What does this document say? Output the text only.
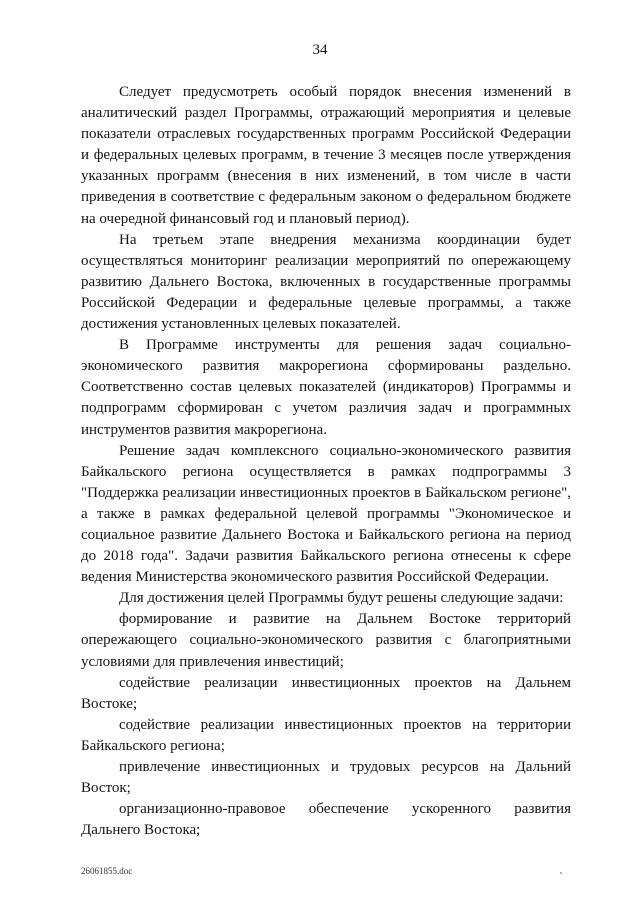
34

Следует предусмотреть особый порядок внесения изменений в аналитический раздел Программы, отражающий мероприятия и целевые показатели отраслевых государственных программ Российской Федерации и федеральных целевых программ, в течение 3 месяцев после утверждения указанных программ (внесения в них изменений, в том числе в части приведения в соответствие с федеральным законом о федеральном бюджете на очередной финансовый год и плановый период).

На третьем этапе внедрения механизма координации будет осуществляться мониторинг реализации мероприятий по опережающему развитию Дальнего Востока, включенных в государственные программы Российской Федерации и федеральные целевые программы, а также достижения установленных целевых показателей.

В Программе инструменты для решения задач социально-экономического развития макрорегиона сформированы раздельно. Соответственно состав целевых показателей (индикаторов) Программы и подпрограмм сформирован с учетом различия задач и программных инструментов развития макрорегиона.

Решение задач комплексного социально-экономического развития Байкальского региона осуществляется в рамках подпрограммы 3 "Поддержка реализации инвестиционных проектов в Байкальском регионе", а также в рамках федеральной целевой программы "Экономическое и социальное развитие Дальнего Востока и Байкальского региона на период до 2018 года". Задачи развития Байкальского региона отнесены к сфере ведения Министерства экономического развития Российской Федерации.

Для достижения целей Программы будут решены следующие задачи:

формирование и развитие на Дальнем Востоке территорий опережающего социально-экономического развития с благоприятными условиями для привлечения инвестиций;

содействие реализации инвестиционных проектов на Дальнем Востоке;

содействие реализации инвестиционных проектов на территории Байкальского региона;

привлечение инвестиционных и трудовых ресурсов на Дальний Восток;

организационно-правовое обеспечение ускоренного развития Дальнего Востока;

26061855.doc
